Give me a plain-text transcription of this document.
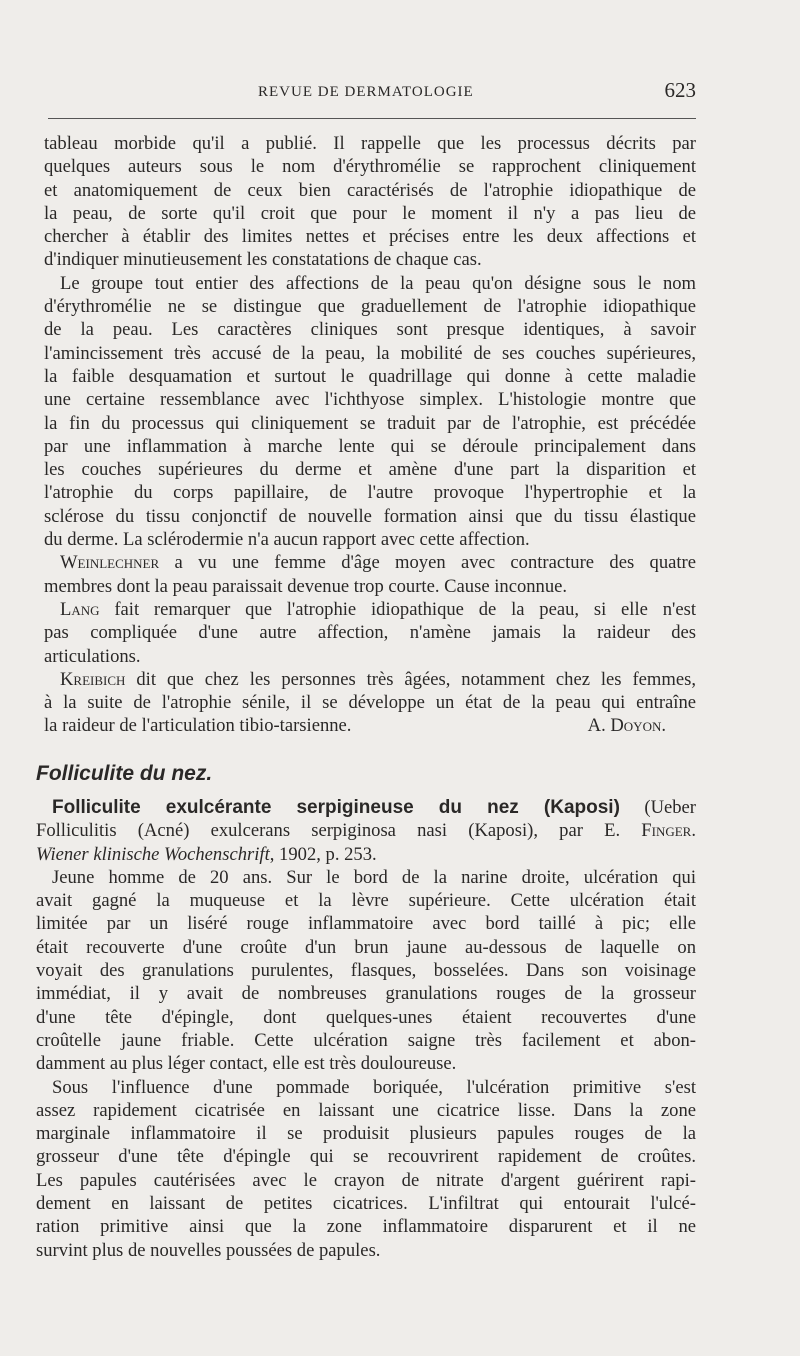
REVUE DE DERMATOLOGIE	623
tableau morbide qu'il a publié. Il rappelle que les processus décrits par
quelques auteurs sous le nom d'érythromélie se rapprochent cliniquement
et anatomiquement de ceux bien caractérisés de l'atrophie idiopathique de
la peau, de sorte qu'il croit que pour le moment il n'y a pas lieu de
chercher à établir des limites nettes et précises entre les deux affections et
d'indiquer minutieusement les constatations de chaque cas.
Le groupe tout entier des affections de la peau qu'on désigne sous le nom
d'érythromélie ne se distingue que graduellement de l'atrophie idiopathique
de la peau. Les caractères cliniques sont presque identiques, à savoir
l'amincissement très accusé de la peau, la mobilité de ses couches supérieures,
la faible desquamation et surtout le quadrillage qui donne à cette maladie
une certaine ressemblance avec l'ichthyose simplex. L'histologie montre que
la fin du processus qui cliniquement se traduit par de l'atrophie, est précédée
par une inflammation à marche lente qui se déroule principalement dans
les couches supérieures du derme et amène d'une part la disparition et
l'atrophie du corps papillaire, de l'autre provoque l'hypertrophie et la
sclérose du tissu conjonctif de nouvelle formation ainsi que du tissu élastique
du derme. La sclérodermie n'a aucun rapport avec cette affection.
Weinlechner a vu une femme d'âge moyen avec contracture des quatre
membres dont la peau paraissait devenue trop courte. Cause inconnue.
Lang fait remarquer que l'atrophie idiopathique de la peau, si elle n'est
pas compliquée d'une autre affection, n'amène jamais la raideur des
articulations.
Kreibich dit que chez les personnes très âgées, notamment chez les femmes,
à la suite de l'atrophie sénile, il se développe un état de la peau qui entraîne
la raideur de l'articulation tibio-tarsienne.	A. Doyon.
Folliculite du nez.
Folliculite exulcérante serpigineuse du nez (Kaposi) (Ueber
Folliculitis (Acné) exulcerans serpiginosa nasi (Kaposi), par E. Finger.
Wiener klinische Wochenschrift, 1902, p. 253.
Jeune homme de 20 ans. Sur le bord de la narine droite, ulcération qui
avait gagné la muqueuse et la lèvre supérieure. Cette ulcération était
limitée par un liséré rouge inflammatoire avec bord taillé à pic; elle
était recouverte d'une croûte d'un brun jaune au-dessous de laquelle on
voyait des granulations purulentes, flasques, bosselées. Dans son voisinage
immédiat, il y avait de nombreuses granulations rouges de la grosseur
d'une tête d'épingle, dont quelques-unes étaient recouvertes d'une
croûtelle jaune friable. Cette ulcération saigne très facilement et abon-
damment au plus léger contact, elle est très douloureuse.
Sous l'influence d'une pommade boriquée, l'ulcération primitive s'est
assez rapidement cicatrisée en laissant une cicatrice lisse. Dans la zone
marginale inflammatoire il se produisit plusieurs papules rouges de la
grosseur d'une tête d'épingle qui se recouvrirent rapidement de croûtes.
Les papules cautérisées avec le crayon de nitrate d'argent guérirent rapi-
dement en laissant de petites cicatrices. L'infiltrat qui entourait l'ulcé-
ration primitive ainsi que la zone inflammatoire disparurent et il ne
survint plus de nouvelles poussées de papules.
